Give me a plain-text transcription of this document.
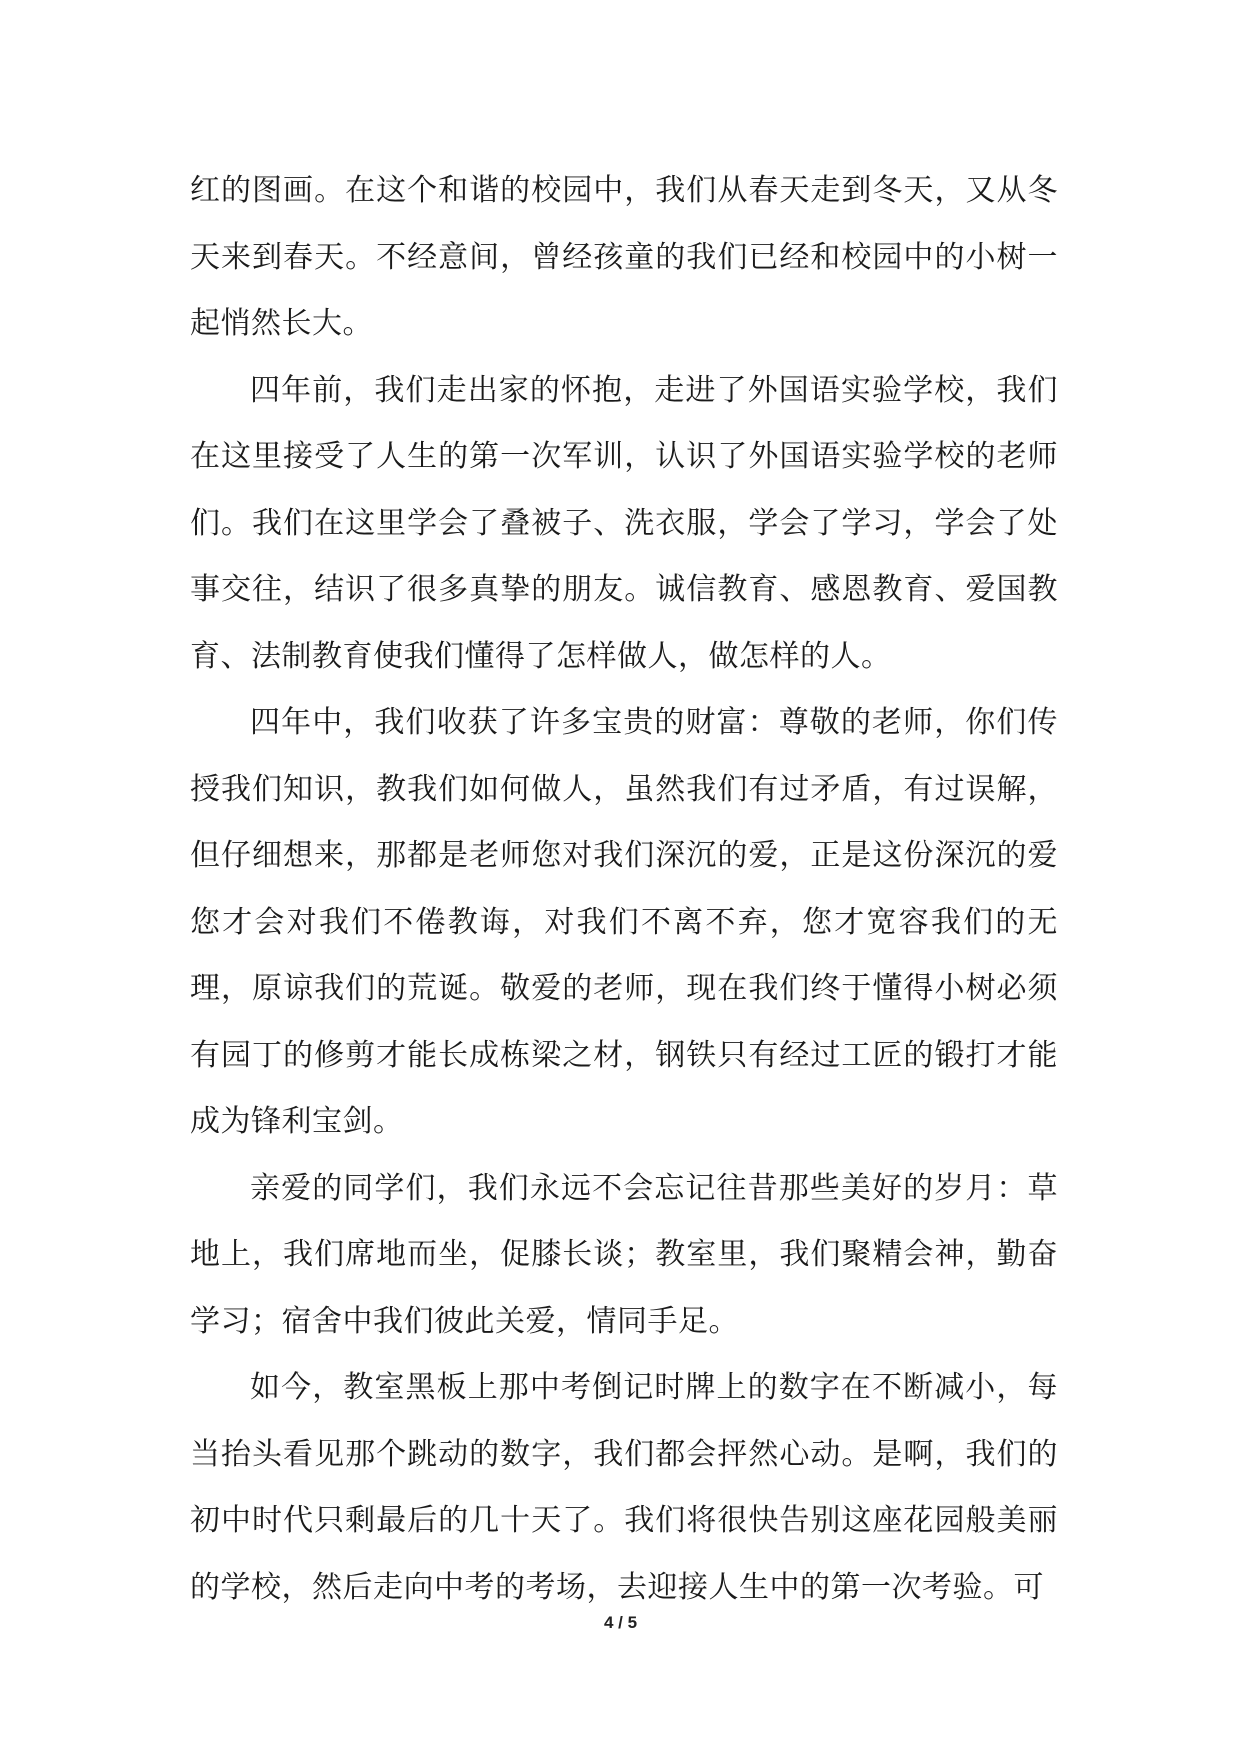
红的图画。在这个和谐的校园中，我们从春天走到冬天，又从冬天来到春天。不经意间，曾经孩童的我们已经和校园中的小树一起悄然长大。

四年前，我们走出家的怀抱，走进了外国语实验学校，我们在这里接受了人生的第一次军训，认识了外国语实验学校的老师们。我们在这里学会了叠被子、洗衣服，学会了学习，学会了处事交往，结识了很多真挚的朋友。诚信教育、感恩教育、爱国教育、法制教育使我们懂得了怎样做人，做怎样的人。

四年中，我们收获了许多宝贵的财富：尊敬的老师，你们传授我们知识，教我们如何做人，虽然我们有过矛盾，有过误解，但仔细想来，那都是老师您对我们深沉的爱，正是这份深沉的爱您才会对我们不倦教诲，对我们不离不弃，您才宽容我们的无理，原谅我们的荒诞。敬爱的老师，现在我们终于懂得小树必须有园丁的修剪才能长成栋梁之材，钢铁只有经过工匠的锻打才能成为锋利宝剑。

亲爱的同学们，我们永远不会忘记往昔那些美好的岁月：草地上，我们席地而坐，促膝长谈；教室里，我们聚精会神，勤奋学习；宿舍中我们彼此关爱，情同手足。

如今，教室黑板上那中考倒记时牌上的数字在不断减小，每当抬头看见那个跳动的数字，我们都会抨然心动。是啊，我们的初中时代只剩最后的几十天了。我们将很快告别这座花园般美丽的学校，然后走向中考的考场，去迎接人生中的第一次考验。可

4 / 5
